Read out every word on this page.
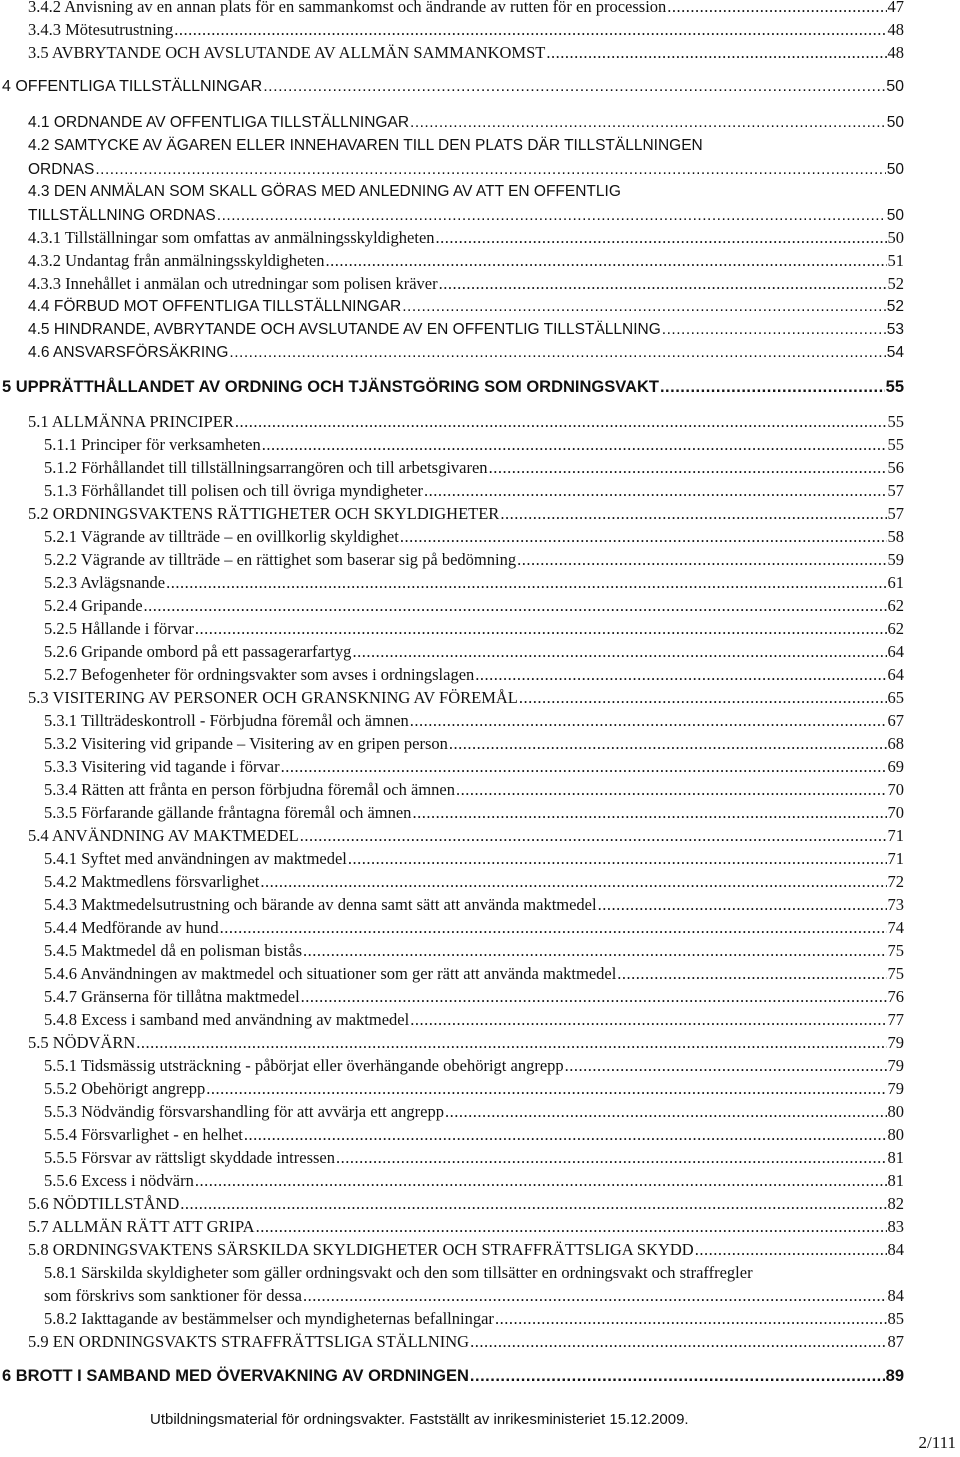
3.4.2 Anvisning av en annan plats för en sammankomst och ändrande av rutten för en procession .....	47
3.4.3 Mötesutrustning .....	48
3.5 AVBRYTANDE OCH AVSLUTANDE AV ALLMÄN SAMMANKOMST .....	48
4 OFFENTLIGA TILLSTÄLLNINGAR .....	50
4.1 ORDNANDE AV OFFENTLIGA TILLSTÄLLNINGAR .....	50
4.2 SAMTYCKE AV ÄGAREN ELLER INNEHAVAREN TILL DEN PLATS DÄR TILLSTÄLLNINGEN
ORDNAS .....	50
4.3 DEN ANMÄLAN SOM SKALL GÖRAS MED ANLEDNING AV ATT EN OFFENTLIG
TILLSTÄLLNING ORDNAS .....	50
4.3.1 Tillställningar som omfattas av anmälningsskyldigheten .....	50
4.3.2 Undantag från anmälningsskyldigheten .....	51
4.3.3 Innehållet i anmälan och utredningar som polisen kräver .....	52
4.4 FÖRBUD MOT OFFENTLIGA TILLSTÄLLNINGAR .....	52
4.5 HINDRANDE, AVBRYTANDE OCH AVSLUTANDE AV EN OFFENTLIG TILLSTÄLLNING .....	53
4.6 ANSVARSFÖRSÄKRING .....	54
5 UPPRÄTTHÅLLANDET AV ORDNING OCH TJÄNSTGÖRING SOM ORDNINGSVAKT .....	55
5.1 ALLMÄNNA PRINCIPER .....	55
5.1.1 Principer för verksamheten .....	55
5.1.2 Förhållandet till tillställningsarrangören och till arbetsgivaren .....	56
5.1.3 Förhållandet till polisen och till övriga myndigheter .....	57
5.2 ORDNINGSVAKTENS RÄTTIGHETER OCH SKYLDIGHETER .....	57
5.2.1 Vägrande av tillträde – en ovillkorlig skyldighet .....	58
5.2.2 Vägrande av tillträde – en rättighet som baserar sig på bedömning .....	59
5.2.3 Avlägsnande .....	61
5.2.4 Gripande .....	62
5.2.5 Hållande i förvar .....	62
5.2.6 Gripande ombord på ett passagerarfartyg .....	64
5.2.7 Befogenheter för ordningsvakter som avses i ordningslagen .....	64
5.3 VISITERING AV PERSONER OCH GRANSKNING AV FÖREMÅL .....	65
5.3.1 Tillträdeskontroll - Förbjudna föremål och ämnen .....	67
5.3.2 Visitering vid gripande – Visitering av en gripen person .....	68
5.3.3 Visitering vid tagande i förvar .....	69
5.3.4 Rätten att fråntа en person förbjudna föremål och ämnen .....	70
5.3.5 Förfarande gällande fråntagna föremål och ämnen .....	70
5.4 ANVÄNDNING AV MAKTMEDEL .....	71
5.4.1 Syftet med användningen av maktmedel .....	71
5.4.2 Maktmedlens försvarlighet .....	72
5.4.3 Maktmedelsutrustning och bärande av denna samt sätt att använda maktmedel .....	73
5.4.4 Medförande av hund .....	74
5.4.5 Maktmedel då en polisman bistås .....	75
5.4.6 Användningen av maktmedel och situationer som ger rätt att använda maktmedel .....	75
5.4.7 Gränserna för tillåtna maktmedel .....	76
5.4.8 Excess i samband med användning av maktmedel .....	77
5.5 NÖDVÄRN .....	79
5.5.1 Tidsmässig utsträckning - påbörjat eller överhängande obehörigt angrepp .....	79
5.5.2 Obehörigt angrepp .....	79
5.5.3 Nödvändig försvarshandling för att avvärja ett angrepp .....	80
5.5.4 Försvarlighet - en helhet .....	80
5.5.5 Försvar av rättsligt skyddade intressen .....	81
5.5.6 Excess i nödvärn .....	81
5.6 NÖDTILLSTÅND .....	82
5.7 ALLMÄN RÄTT ATT GRIPA .....	83
5.8 ORDNINGSVAKTENS SÄRSKILDA SKYLDIGHETER OCH STRAFFRÄTTSLIGA SKYDD .....	84
5.8.1 Särskilda skyldigheter som gäller ordningsvakt och den som tillsätter en ordningsvakt och straffregler
som förskrivs som sanktioner för dessa .....	84
5.8.2 Iakttagande av bestämmelser och myndigheternas befallningar .....	85
5.9 EN ORDNINGSVAKTS STRAFFRÄTTSLIGA STÄLLNING .....	87
6 BROTT I SAMBAND MED ÖVERVAKNING AV ORDNINGEN .....	89
Utbildningsmaterial för ordningsvakter. Fastställt av inrikesministeriet 15.12.2009.
2/111
